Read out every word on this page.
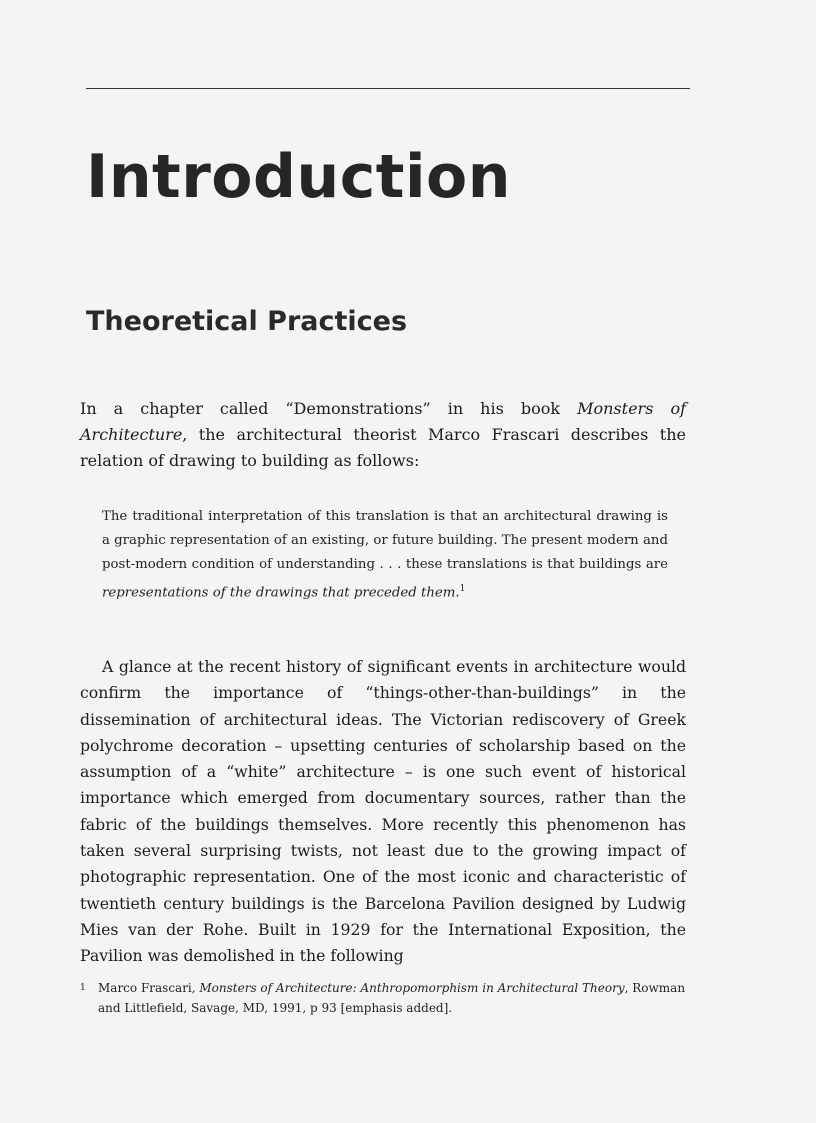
Introduction
Theoretical Practices

In a chapter called “Demonstrations” in his book Monsters of Architecture, the architectural theorist Marco Frascari describes the relation of drawing to building as follows:

The traditional interpretation of this translation is that an architectural drawing is a graphic representation of an existing, or future building. The present modern and post-modern condition of understanding . . . these translations is that buildings are representations of the drawings that preceded them.$^1$

A glance at the recent history of significant events in architecture would confirm the importance of “things-other-than-buildings” in the dissemination of architectural ideas. The Victorian rediscovery of Greek polychrome decoration – upsetting centuries of scholarship based on the assumption of a “white” architecture – is one such event of historical importance which emerged from documentary sources, rather than the fabric of the buildings themselves. More recently this phenomenon has taken several surprising twists, not least due to the growing impact of photographic representation. One of the most iconic and characteristic of twentieth century buildings is the Barcelona Pavilion designed by Ludwig Mies van der Rohe. Built in 1929 for the International Exposition, the Pavilion was demolished in the following

1 Marco Frascari, Monsters of Architecture: Anthropomorphism in Architectural Theory, Rowman and Littlefield, Savage, MD, 1991, p 93 [emphasis added].
